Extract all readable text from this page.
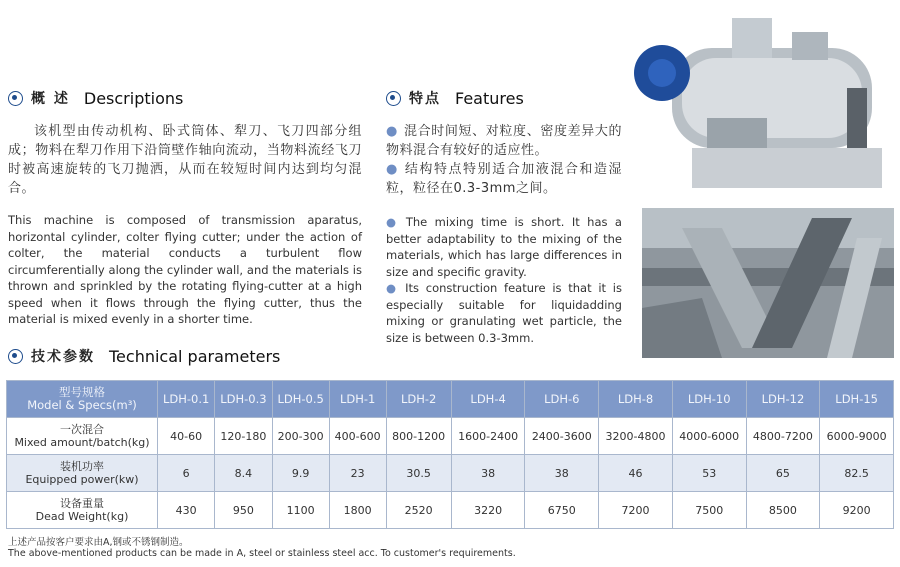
概 述 Descriptions
该机型由传动机构、卧式筒体、犁刀、飞刀四部分组成；物料在犁刀作用下沿筒壁作轴向流动，当物料流经飞刀时被高速旋转的飞刀抛洒，从而在较短时间内达到均匀混合。
This machine is composed of transmission aparatus, horizontal cylinder, colter flying cutter; under the action of colter, the material conducts a turbulent flow circumferentially along the cylinder wall, and the materials is thrown and sprinkled by the rotating flying-cutter at a high speed when it flows through the flying cutter, thus the material is mixed evenly in a shorter time.
特点 Features
● 混合时间短、对粒度、密度差异大的物料混合有较好的适应性。
● 结构特点特别适合加液混合和造湿粒，粒径在0.3-3mm之间。
● The mixing time is short. It has a better adaptability to the mixing of the materials, which has large differences in size and specific gravity.
● Its construction feature is that it is especially suitable for liquidadding mixing or granulating wet particle, the size is between 0.3-3mm.
技术参数 Technical parameters
型号规格
Model & Specs(m³)	LDH-0.1	LDH-0.3	LDH-0.5	LDH-1	LDH-2	LDH-4	LDH-6	LDH-8	LDH-10	LDH-12	LDH-15

一次混合
Mixed amount/batch(kg)	40-60	120-180	200-300	400-600	800-1200	1600-2400	2400-3600	3200-4800	4000-6000	4800-7200	6000-9000

装机功率
Equipped power(kw)	6	8.4	9.9	23	30.5	38	38	46	53	65	82.5

设备重量
Dead Weight(kg)	430	950	1100	1800	2520	3220	6750	7200	7500	8500	9200
上述产品按客户要求由A,钢或不锈钢制造。
The above-mentioned products can be made in A, steel or stainless steel acc. To customer's requirements.
